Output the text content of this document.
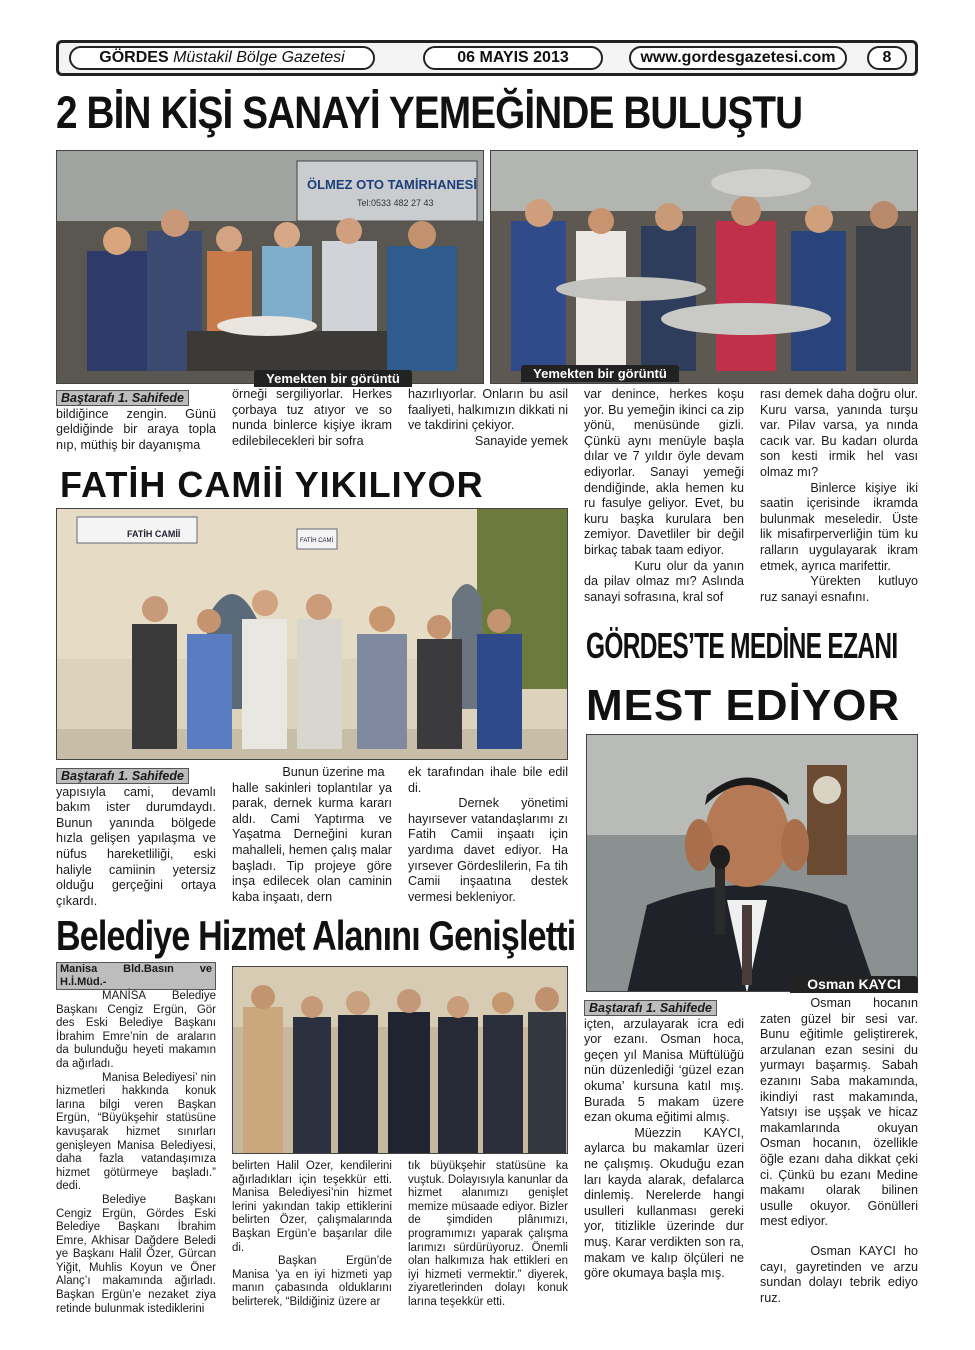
GÖRDES Müstakil Bölge Gazetesi	06 MAYIS 2013	www.gordesgazetesi.com	8
2 BİN KİŞİ SANAYİ YEMEĞİNDE BULUŞTU
ÖLMEZ OTO TAMİRHANESİ
Tel:0533 482 27 43
Yemekten bir görüntü	Yemekten bir görüntü
Baştarafı 1. Sahifede

bildiğince zengin. Günü geldiğinde bir araya topla nıp, müthiş bir dayanışma

örneği sergiliyorlar. Herkes çorbaya tuz atıyor ve so nunda binlerce kişiye ikram edilebilecekleri bir sofra

hazırlıyorlar. Onların bu asil faaliyeti, halkımızın dikkati ni ve takdirini çekiyor.

Sanayide yemek

var denince, herkes koşu yor. Bu yemeğin ikinci ca zip yönü, menüsünde gizli. Çünkü aynı menüyle başla dılar ve 7 yıldır öyle devam ediyorlar. Sanayi yemeği dendiğinde, akla hemen ku ru fasulye geliyor. Evet, bu kuru başka kurulara ben zemiyor. Davetliler bir değil birkaç tabak taam ediyor.

Kuru olur da yanın da pilav olmaz mı? Aslında sanayi sofrasına, kral sof

rası demek daha doğru olur. Kuru varsa, yanında turşu var. Pilav varsa, ya nında cacık var. Bu kadarı olurda son kesti irmik hel vası olmaz mı?

Binlerce kişiye iki saatin içerisinde ikramda bulunmak meseledir. Üste lik misafirperverliğin tüm ku ralların uygulayarak ikram etmek, ayrıca marifettir.

Yürekten kutluyo ruz sanayi esnafını.

FATİH CAMİİ YIKILIYOR
FATİH CAMİİ
FATİH CAMİ
Baştarafı 1. Sahifede

yapısıyla cami, devamlı bakım ister durumdaydı. Bunun yanında bölgede hızla gelişen yapılaşma ve nüfus hareketliliği, eski haliyle camiinin yetersiz olduğu gerçeğini ortaya çıkardı.

Bunun üzerine ma

halle sakinleri toplantılar ya parak, dernek kurma kararı aldı. Cami Yaptırma ve Yaşatma Derneğini kuran mahalleli, hemen çalış malar başladı. Tip projeye göre inşa edilecek olan caminin kaba inşaatı, dern

ek tarafından ihale bile edil di.

Dernek yönetimi hayırsever vatandaşlarımı zı Fatih Camii inşaatı için yardıma davet ediyor. Ha yırsever Gördeslilerin, Fa tih Camii inşaatına destek vermesi bekleniyor.

GÖRDES’TE MEDİNE EZANI
MEST EDİYOR
Osman KAYCI
Baştarafı 1. Sahifede

içten, arzulayarak icra edi yor ezanı. Osman hoca, geçen yıl Manisa Müftülüğü nün düzenlediği ‘güzel ezan okuma’ kursuna katıl mış. Burada 5 makam üzere ezan okuma eğitimi almış.

Müezzin KAYCI, aylarca bu makamlar üzeri ne çalışmış. Okuduğu ezan ları kayda alarak, defalarca dinlemiş. Nerelerde hangi usulleri kullanması gereki yor, titizlikle üzerinde dur muş. Karar verdikten son ra, makam ve kalıp ölçüleri ne göre okumaya başla mış.

Osman hocanın zaten güzel bir sesi var. Bunu eğitimle geliştirerek, arzulanan ezan sesini du yurmayı başarmış. Sabah ezanını Saba makamında, ikindiyi rast makamında, Yatsıyı ise uşşak ve hicaz makamlarında okuyan Osman hocanın, özellikle öğle ezanı daha dikkat çeki ci. Çünkü bu ezanı Medine makamı olarak bilinen usulle okuyor. Gönülleri mest ediyor.

Osman KAYCI ho cayı, gayretinden ve arzu sundan dolayı tebrik ediyo ruz.

Belediye Hizmet Alanını Genişletti
Manisa Bld.Basın ve H.İ.Müd.-

MANİSA Belediye Başkanı Cengiz Ergün, Gör des Eski Belediye Başkanı İbrahim Emre’nin de araların da bulunduğu heyeti makamın da ağırladı.

Manisa Belediyesi’ nin hizmetleri hakkında konuk larına bilgi veren Başkan Ergün, “Büyükşehir statüsüne kavuşarak hizmet sınırları genişleyen Manisa Belediyesi, daha fazla vatandaşımıza hizmet götürmeye başladı.” dedi.

Belediye Başkanı Cengiz Ergün, Gördes Eski Belediye Başkanı İbrahim Emre, Akhisar Dağdere Beledi ye Başkanı Halil Özer, Gürcan Yiğit, Muhlis Koyun ve Öner Alanç’ı makamında ağırladı. Başkan Ergün’e nezaket ziya retinde bulunmak istediklerini

belirten Halil Özer, kendilerini ağırladıkları için teşekkür etti. Manisa Belediyesi’nin hizmet lerini yakından takip ettiklerini belirten Özer, çalışmalarında Başkan Ergün’e başarılar dile di.

Başkan Ergün’de Manisa ’ya en iyi hizmeti yap manın çabasında olduklarını belirterek, “Bildiğiniz üzere ar

tık büyükşehir statüsüne ka vuştuk. Dolayısıyla kanunlar da hizmet alanımızı genişlet memize müsaade ediyor. Bizler de şimdiden plânımızı, programımızı yaparak çalışma larımızı sürdürüyoruz. Önemli olan halkımıza hak ettikleri en iyi hizmeti vermektir.” diyerek, ziyaretlerinden dolayı konuk larına teşekkür etti.
